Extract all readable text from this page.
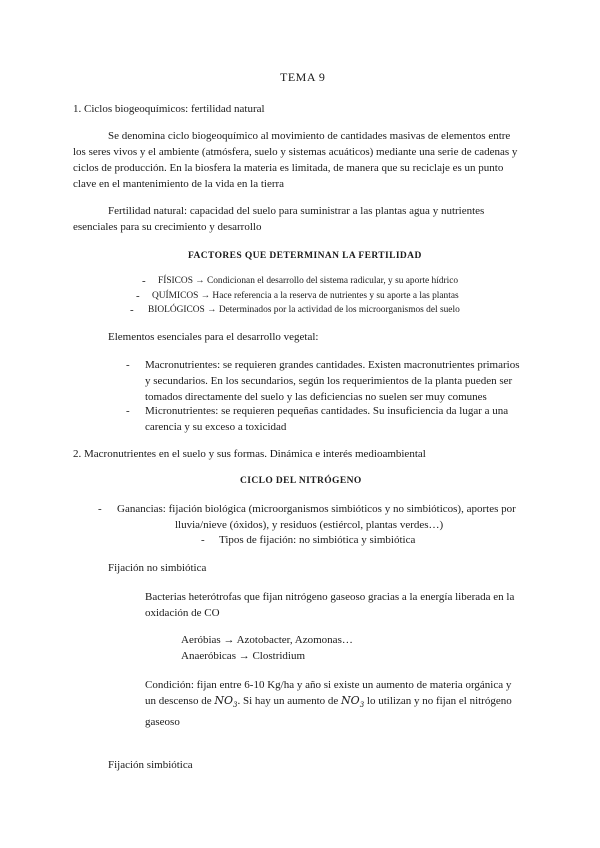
TEMA 9
1. Ciclos biogeoquímicos: fertilidad natural
Se denomina ciclo biogeoquímico al movimiento de cantidades masivas de elementos entre
los seres vivos y el ambiente (atmósfera, suelo y sistemas acuáticos) mediante una serie de cadenas y
ciclos de producción. En la biosfera la materia es limitada, de manera que su reciclaje es un punto
clave en el mantenimiento de la vida en la tierra
Fertilidad natural: capacidad del suelo para suministrar a las plantas agua y nutrientes
esenciales para su crecimiento y desarrollo
FACTORES QUE DETERMINAN LA FERTILIDAD
- FÍSICOS → Condicionan el desarrollo del sistema radicular, y su aporte hídrico
- QUÍMICOS → Hace referencia a la reserva de nutrientes y su aporte a las plantas
- BIOLÓGICOS → Determinados por la actividad de los microorganismos del suelo
Elementos esenciales para el desarrollo vegetal:
- Macronutrientes: se requieren grandes cantidades. Existen macronutrientes primarios
y secundarios. En los secundarios, según los requerimientos de la planta pueden ser
tomados directamente del suelo y las deficiencias no suelen ser muy comunes
- Micronutrientes: se requieren pequeñas cantidades. Su insuficiencia da lugar a una
carencia y su exceso a toxicidad
2. Macronutrientes en el suelo y sus formas. Dinámica e interés medioambiental
CICLO DEL NITRÓGENO
- Ganancias: fijación biológica (microorganismos simbióticos y no simbióticos), aportes por
lluvia/nieve (óxidos), y residuos (estiércol, plantas verdes…)
- Tipos de fijación: no simbiótica y simbiótica
Fijación no simbiótica
Bacterias heterótrofas que fijan nitrógeno gaseoso gracias a la energía liberada en la
oxidación de CO
Aeróbias → Azotobacter, Azomonas…
Anaeróbicas → Clostridium
Condición: fijan entre 6-10 Kg/ha y año si existe un aumento de materia orgánica y
un descenso de $NO_3$. Si hay un aumento de $NO_3$ lo utilizan y no fijan el nitrógeno
gaseoso
Fijación simbiótica
